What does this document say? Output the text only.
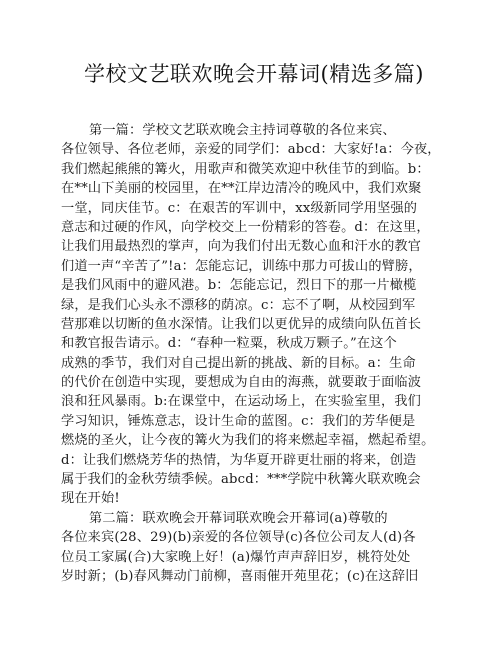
学校文艺联欢晚会开幕词(精选多篇)
第一篇：学校文艺联欢晚会主持词尊敬的各位来宾、
各位领导、各位老师，亲爱的同学们：abcd：大家好!a：今夜，
我们燃起熊熊的篝火，用歌声和微笑欢迎中秋佳节的到临。b：
在**山下美丽的校园里，在**江岸边清冷的晚风中，我们欢聚
一堂，同庆佳节。c：在艰苦的军训中，xx级新同学用坚强的
意志和过硬的作风，向学校交上一份精彩的答卷。d：在这里，
让我们用最热烈的掌声，向为我们付出无数心血和汗水的教官
们道一声“辛苦了”!a：怎能忘记，训练中那力可拔山的臂膀，
是我们风雨中的避风港。b：怎能忘记，烈日下的那一片橄榄
绿，是我们心头永不漂移的荫凉。c：忘不了啊，从校园到军
营那难以切断的鱼水深情。让我们以更优异的成绩向队伍首长
和教官报告请示。d：“春种一粒粟，秋成万颗子。”在这个
成熟的季节，我们对自己提出新的挑战、新的目标。a：生命
的代价在创造中实现，要想成为自由的海燕，就要敢于面临波
浪和狂风暴雨。b:在课堂中，在运动场上，在实验室里，我们
学习知识，锤炼意志，设计生命的蓝图。c：我们的芳华便是
燃烧的圣火，让今夜的篝火为我们的将来燃起幸福，燃起希望。
d：让我们燃烧芳华的热情，为华夏开辟更壮丽的将来，创造
属于我们的金秋劳绩季候。abcd：***学院中秋篝火联欢晚会
现在开始!
第二篇：联欢晚会开幕词联欢晚会开幕词(a)尊敬的
各位来宾(28、29)(b)亲爱的各位领导(c)各位公司友人(d)各
位员工家属(合)大家晚上好！(a)爆竹声声辞旧岁，桃符处处
岁时新；(b)春风舞动门前柳，喜雨催开苑里花；(c)在这辞旧
